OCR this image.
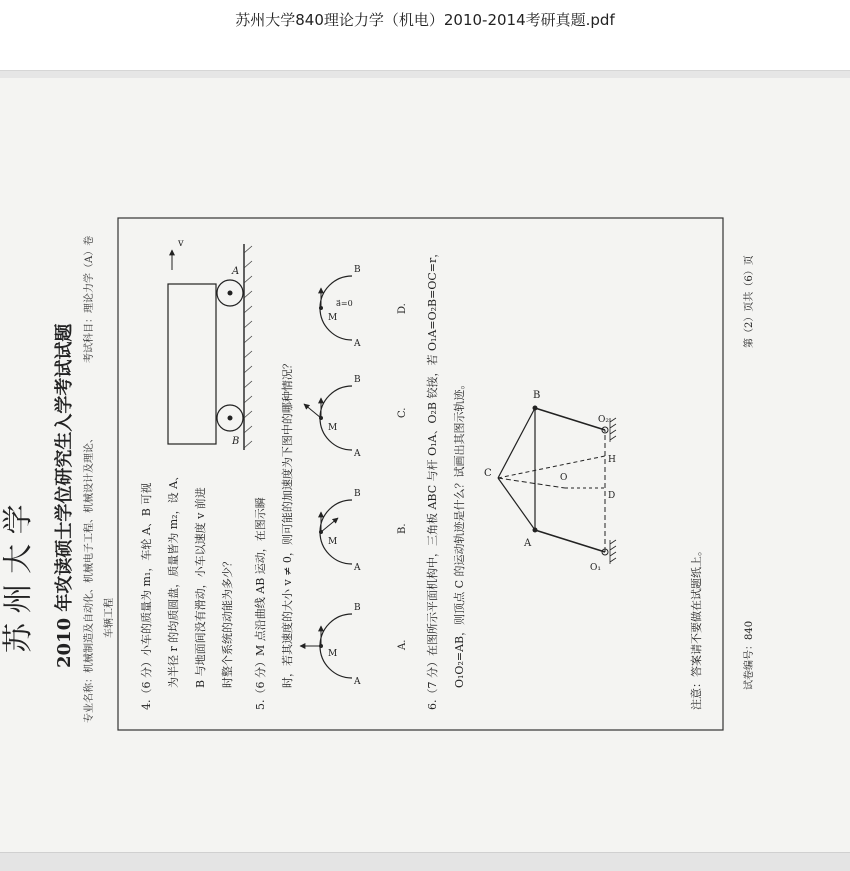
苏州大学840理论力学（机电）2010-2014考研真题.pdf
苏 州 大 学 2010 年攻读硕士学位研究生入学考试试题 专业名称：机械制造及自动化、机械电子工程、机械设计及理论、 车辆工程
考试科目：理论力学（A）卷
4.（6 分）小车的质量为 m₁，车轮 A、B 可视 为半径 r 的均质圆盘，质量皆为 m₂，设 A、 B 与地面间没有滑动，小车以速度 v 前进 时整个系统的动能为多少？
v
A
B
5.（6 分）M 点沿曲线 AB 运动，在图示瞬 时，若其速度的大小 v ≠ 0，则可能的加速度为下图中的哪种情况？	M
A
B
A.
M
A
B
B.
M
A
B
C.
M
a⃗=0
A
B
D. 6.（7 分）在图所示平面机构中，三角板 ABC 与杆 O₁A、O₂B 铰接，若 O₁A=O₂B=OC=r， O₁O₂=AB，则顶点 C 的运动轨迹是什么？试画出其图示轨迹。 C
A
B
O
O₁
O₂
D
H
注意：答案请不要做在试题纸上。	试卷编号：840
第（2）页共（6）页
